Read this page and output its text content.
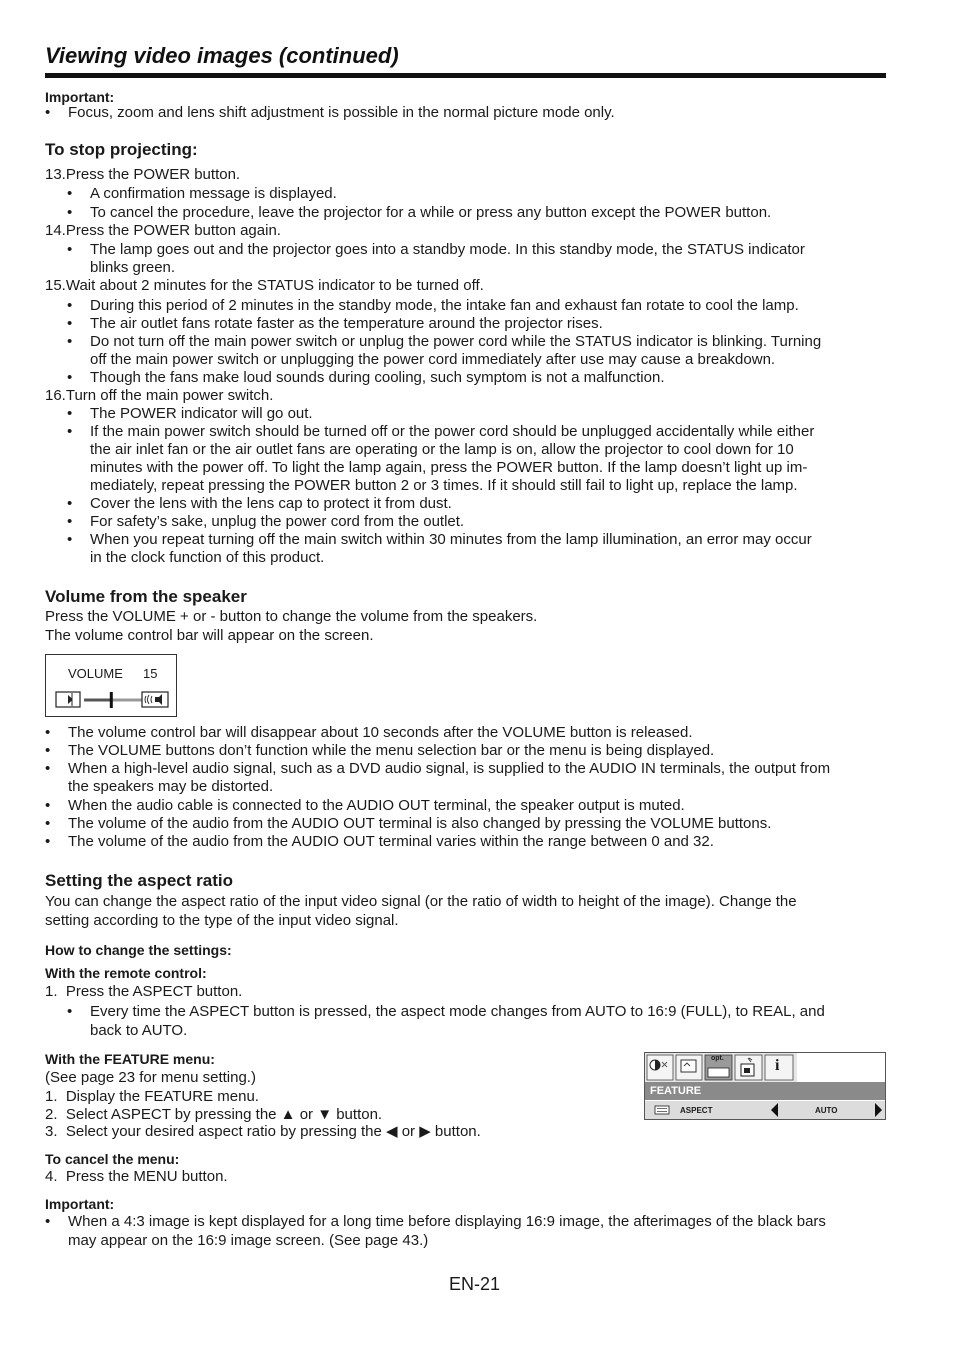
Viewing video images (continued)
Important:
• Focus, zoom and lens shift adjustment is possible in the normal picture mode only.
To stop projecting:
13.Press the POWER button.
• A confirmation message is displayed.
• To cancel the procedure, leave the projector for a while or press any button except the POWER button.
14.Press the POWER button again.
• The lamp goes out and the projector goes into a standby mode. In this standby mode, the STATUS indicator
blinks green.
15.Wait about 2 minutes for the STATUS indicator to be turned off.
• During this period of 2 minutes in the standby mode, the intake fan and exhaust fan rotate to cool the lamp.
• The air outlet fans rotate faster as the temperature around the projector rises.
• Do not turn off the main power switch or unplug the power cord while the STATUS indicator is blinking. Turning
off the main power switch or unplugging the power cord immediately after use may cause a breakdown.
• Though the fans make loud sounds during cooling, such symptom is not a malfunction.
16.Turn off the main power switch.
• The POWER indicator will go out.
• If the main power switch should be turned off or the power cord should be unplugged accidentally while either
the air inlet fan or the air outlet fans are operating or the lamp is on, allow the projector to cool down for 10
minutes with the power off. To light the lamp again, press the POWER button. If the lamp doesn’t light up im-
mediately, repeat pressing the POWER button 2 or 3 times. If it should still fail to light up, replace the lamp.
• Cover the lens with the lens cap to protect it from dust.
• For safety’s sake, unplug the power cord from the outlet.
• When you repeat turning off the main switch within 30 minutes from the lamp illumination, an error may occur
in the clock function of this product.
Volume from the speaker
Press the VOLUME + or - button to change the volume from the speakers.
The volume control bar will appear on the screen.
VOLUME 15
• The volume control bar will disappear about 10 seconds after the VOLUME button is released.
• The VOLUME buttons don’t function while the menu selection bar or the menu is being displayed.
• When a high-level audio signal, such as a DVD audio signal, is supplied to the AUDIO IN terminals, the output from
the speakers may be distorted.
• When the audio cable is connected to the AUDIO OUT terminal, the speaker output is muted.
• The volume of the audio from the AUDIO OUT terminal is also changed by pressing the VOLUME buttons.
• The volume of the audio from the AUDIO OUT terminal varies within the range between 0 and 32.
Setting the aspect ratio
You can change the aspect ratio of the input video signal (or the ratio of width to height of the image). Change the
setting according to the type of the input video signal.
How to change the settings:
With the remote control:
1.  Press the ASPECT button.
• Every time the ASPECT button is pressed, the aspect mode changes from AUTO to 16:9 (FULL), to REAL, and
back to AUTO.
With the FEATURE menu:
(See page 23 for menu setting.)
1.  Display the FEATURE menu.
2.  Select ASPECT by pressing the ▲ or ▼ button.
3.  Select your desired aspect ratio by pressing the ◀ or ▶ button.
To cancel the menu:
4.  Press the MENU button.
Important:
• When a 4:3 image is kept displayed for a long time before displaying 16:9 image, the afterimages of the black bars
may appear on the 16:9 image screen. (See page 43.)
opt.	i
FEATURE
ASPECT	AUTO
EN-21
